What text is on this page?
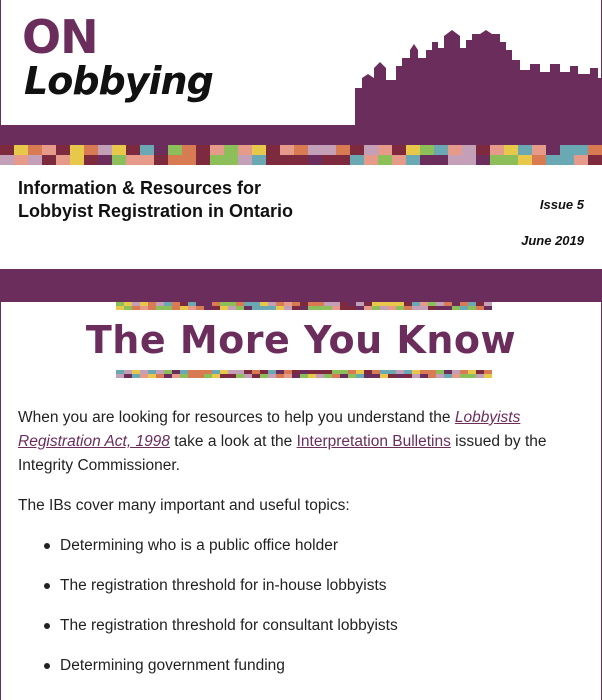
ON
Lobbying
Information & Resources for Lobbyist Registration in Ontario	Issue 5
June 2019
The More You Know

When you are looking for resources to help you understand the Lobbyists Registration Act, 1998 take a look at the Interpretation Bulletins issued by the Integrity Commissioner.

The IBs cover many important and useful topics:

Determining who is a public office holder
The registration threshold for in-house lobbyists
The registration threshold for consultant lobbyists
Determining government funding
